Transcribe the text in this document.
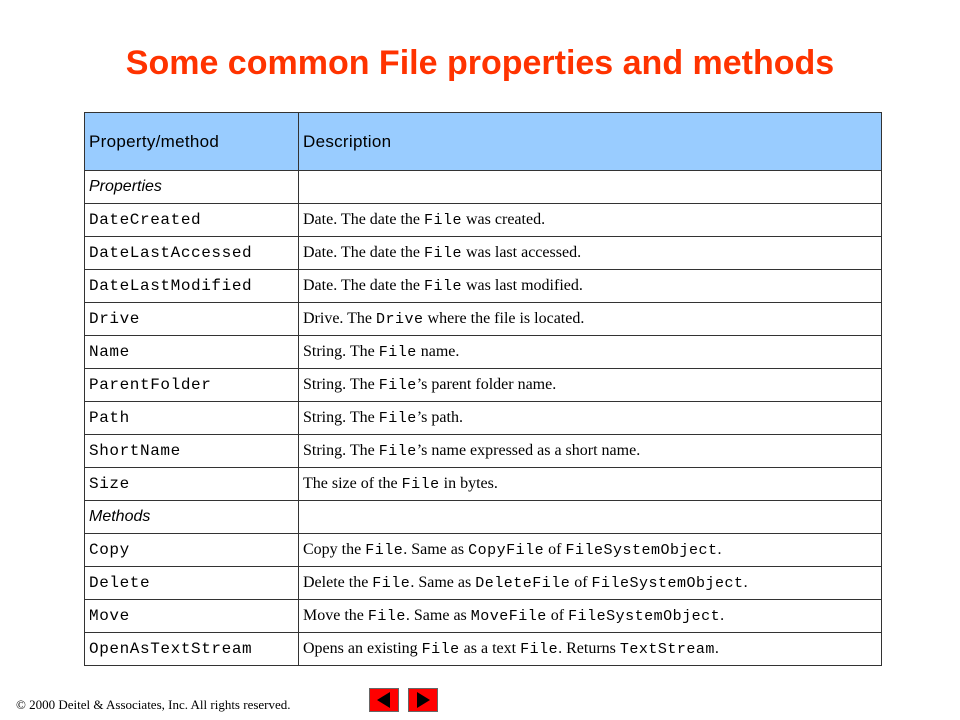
Some common File properties and methods
Property/method	Description
Properties	
DateCreated	Date. The date the File was created.
DateLastAccessed	Date. The date the File was last accessed.
DateLastModified	Date. The date the File was last modified.
Drive	Drive. The Drive where the file is located.
Name	String. The File name.
ParentFolder	String. The File’s parent folder name.
Path	String. The File’s path.
ShortName	String. The File’s name expressed as a short name.
Size	The size of the File in bytes.
Methods	
Copy	Copy the File. Same as CopyFile of FileSystemObject.
Delete	Delete the File. Same as DeleteFile of FileSystemObject.
Move	Move the File. Same as MoveFile of FileSystemObject.
OpenAsTextStream	Opens an existing File as a text File. Returns TextStream.
© 2000 Deitel & Associates, Inc. All rights reserved.
